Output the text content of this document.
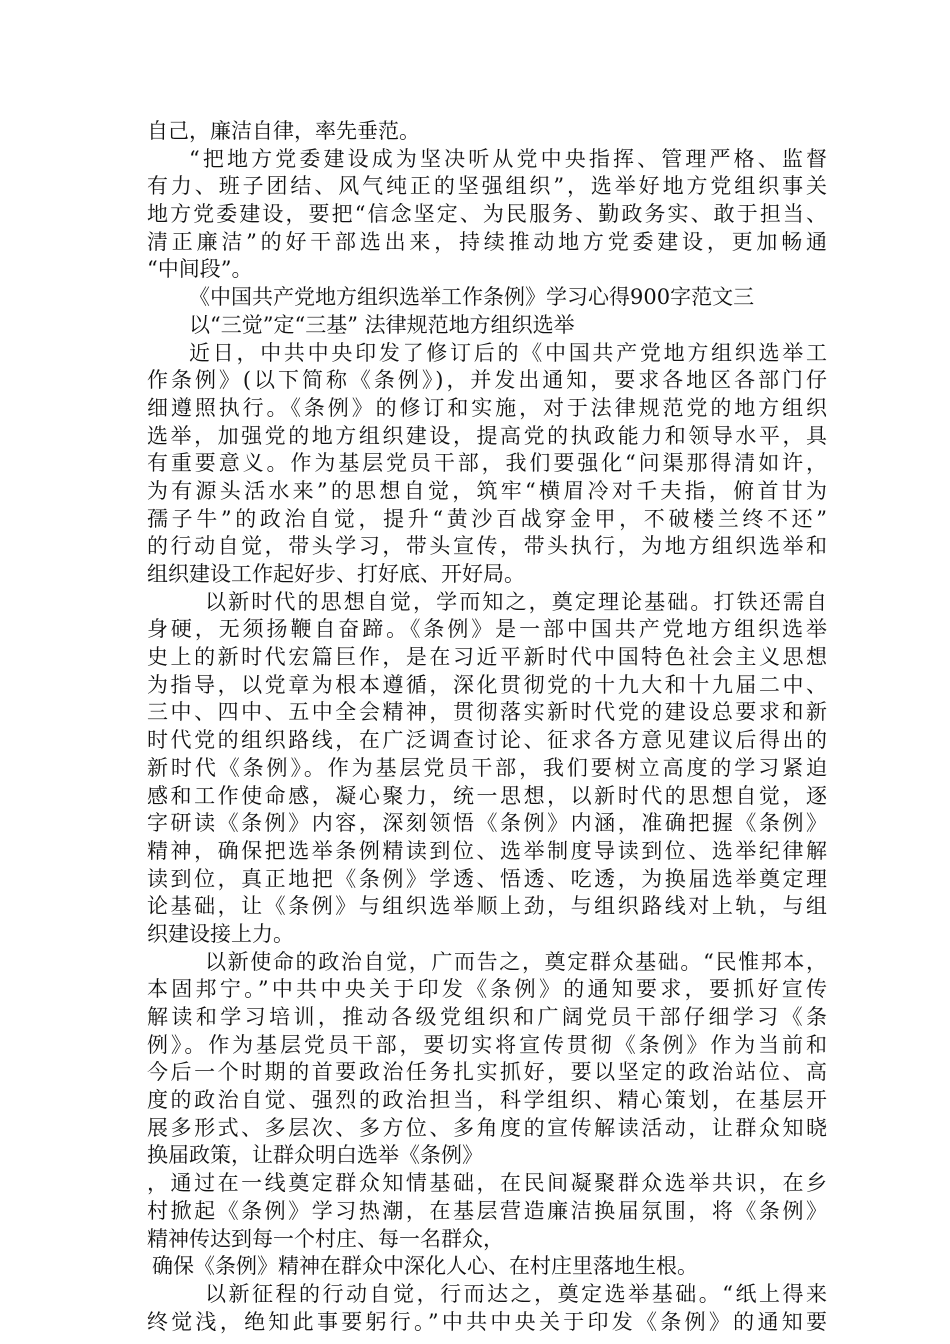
自己，廉洁自律，率先垂范。
“把地方党委建设成为坚决听从党中央指挥、管理严格、监督
有力、班子团结、风气纯正的坚强组织”，选举好地方党组织事关
地方党委建设，要把“信念坚定、为民服务、勤政务实、敢于担当、
清正廉洁”的好干部选出来，持续推动地方党委建设，更加畅通
“中间段”。
《中国共产党地方组织选举工作条例》学习心得900字范文三
以“三觉”定“三基” 法律规范地方组织选举
近日，中共中央印发了修订后的《中国共产党地方组织选举工
作条例》(以下简称《条例》)，并发出通知，要求各地区各部门仔
细遵照执行。《条例》的修订和实施，对于法律规范党的地方组织
选举，加强党的地方组织建设，提高党的执政能力和领导水平，具
有重要意义。作为基层党员干部，我们要强化“问渠那得清如许，
为有源头活水来”的思想自觉，筑牢“横眉冷对千夫指，俯首甘为
孺子牛”的政治自觉，提升“黄沙百战穿金甲，不破楼兰终不还”
的行动自觉，带头学习，带头宣传，带头执行，为地方组织选举和
组织建设工作起好步、打好底、开好局。
以新时代的思想自觉，学而知之，奠定理论基础。打铁还需自
身硬，无须扬鞭自奋蹄。《条例》是一部中国共产党地方组织选举
史上的新时代宏篇巨作，是在习近平新时代中国特色社会主义思想
为指导，以党章为根本遵循，深化贯彻党的十九大和十九届二中、
三中、四中、五中全会精神，贯彻落实新时代党的建设总要求和新
时代党的组织路线，在广泛调查讨论、征求各方意见建议后得出的
新时代《条例》。作为基层党员干部，我们要树立高度的学习紧迫
感和工作使命感，凝心聚力，统一思想，以新时代的思想自觉，逐
字研读《条例》内容，深刻领悟《条例》内涵，准确把握《条例》
精神，确保把选举条例精读到位、选举制度导读到位、选举纪律解
读到位，真正地把《条例》学透、悟透、吃透，为换届选举奠定理
论基础，让《条例》与组织选举顺上劲，与组织路线对上轨，与组
织建设接上力。
以新使命的政治自觉，广而告之，奠定群众基础。“民惟邦本，
本固邦宁。”中共中央关于印发《条例》的通知要求，要抓好宣传
解读和学习培训，推动各级党组织和广阔党员干部仔细学习《条
例》。作为基层党员干部，要切实将宣传贯彻《条例》作为当前和
今后一个时期的首要政治任务扎实抓好，要以坚定的政治站位、高
度的政治自觉、强烈的政治担当，科学组织、精心策划，在基层开
展多形式、多层次、多方位、多角度的宣传解读活动，让群众知晓
换届政策，让群众明白选举《条例》
，通过在一线奠定群众知情基础，在民间凝聚群众选举共识，在乡
村掀起《条例》学习热潮，在基层营造廉洁换届氛围，将《条例》
精神传达到每一个村庄、每一名群众，
确保《条例》精神在群众中深化人心、在村庄里落地生根。
以新征程的行动自觉，行而达之，奠定选举基础。“纸上得来
终觉浅，绝知此事要躬行。”中共中央关于印发《条例》的通知要
